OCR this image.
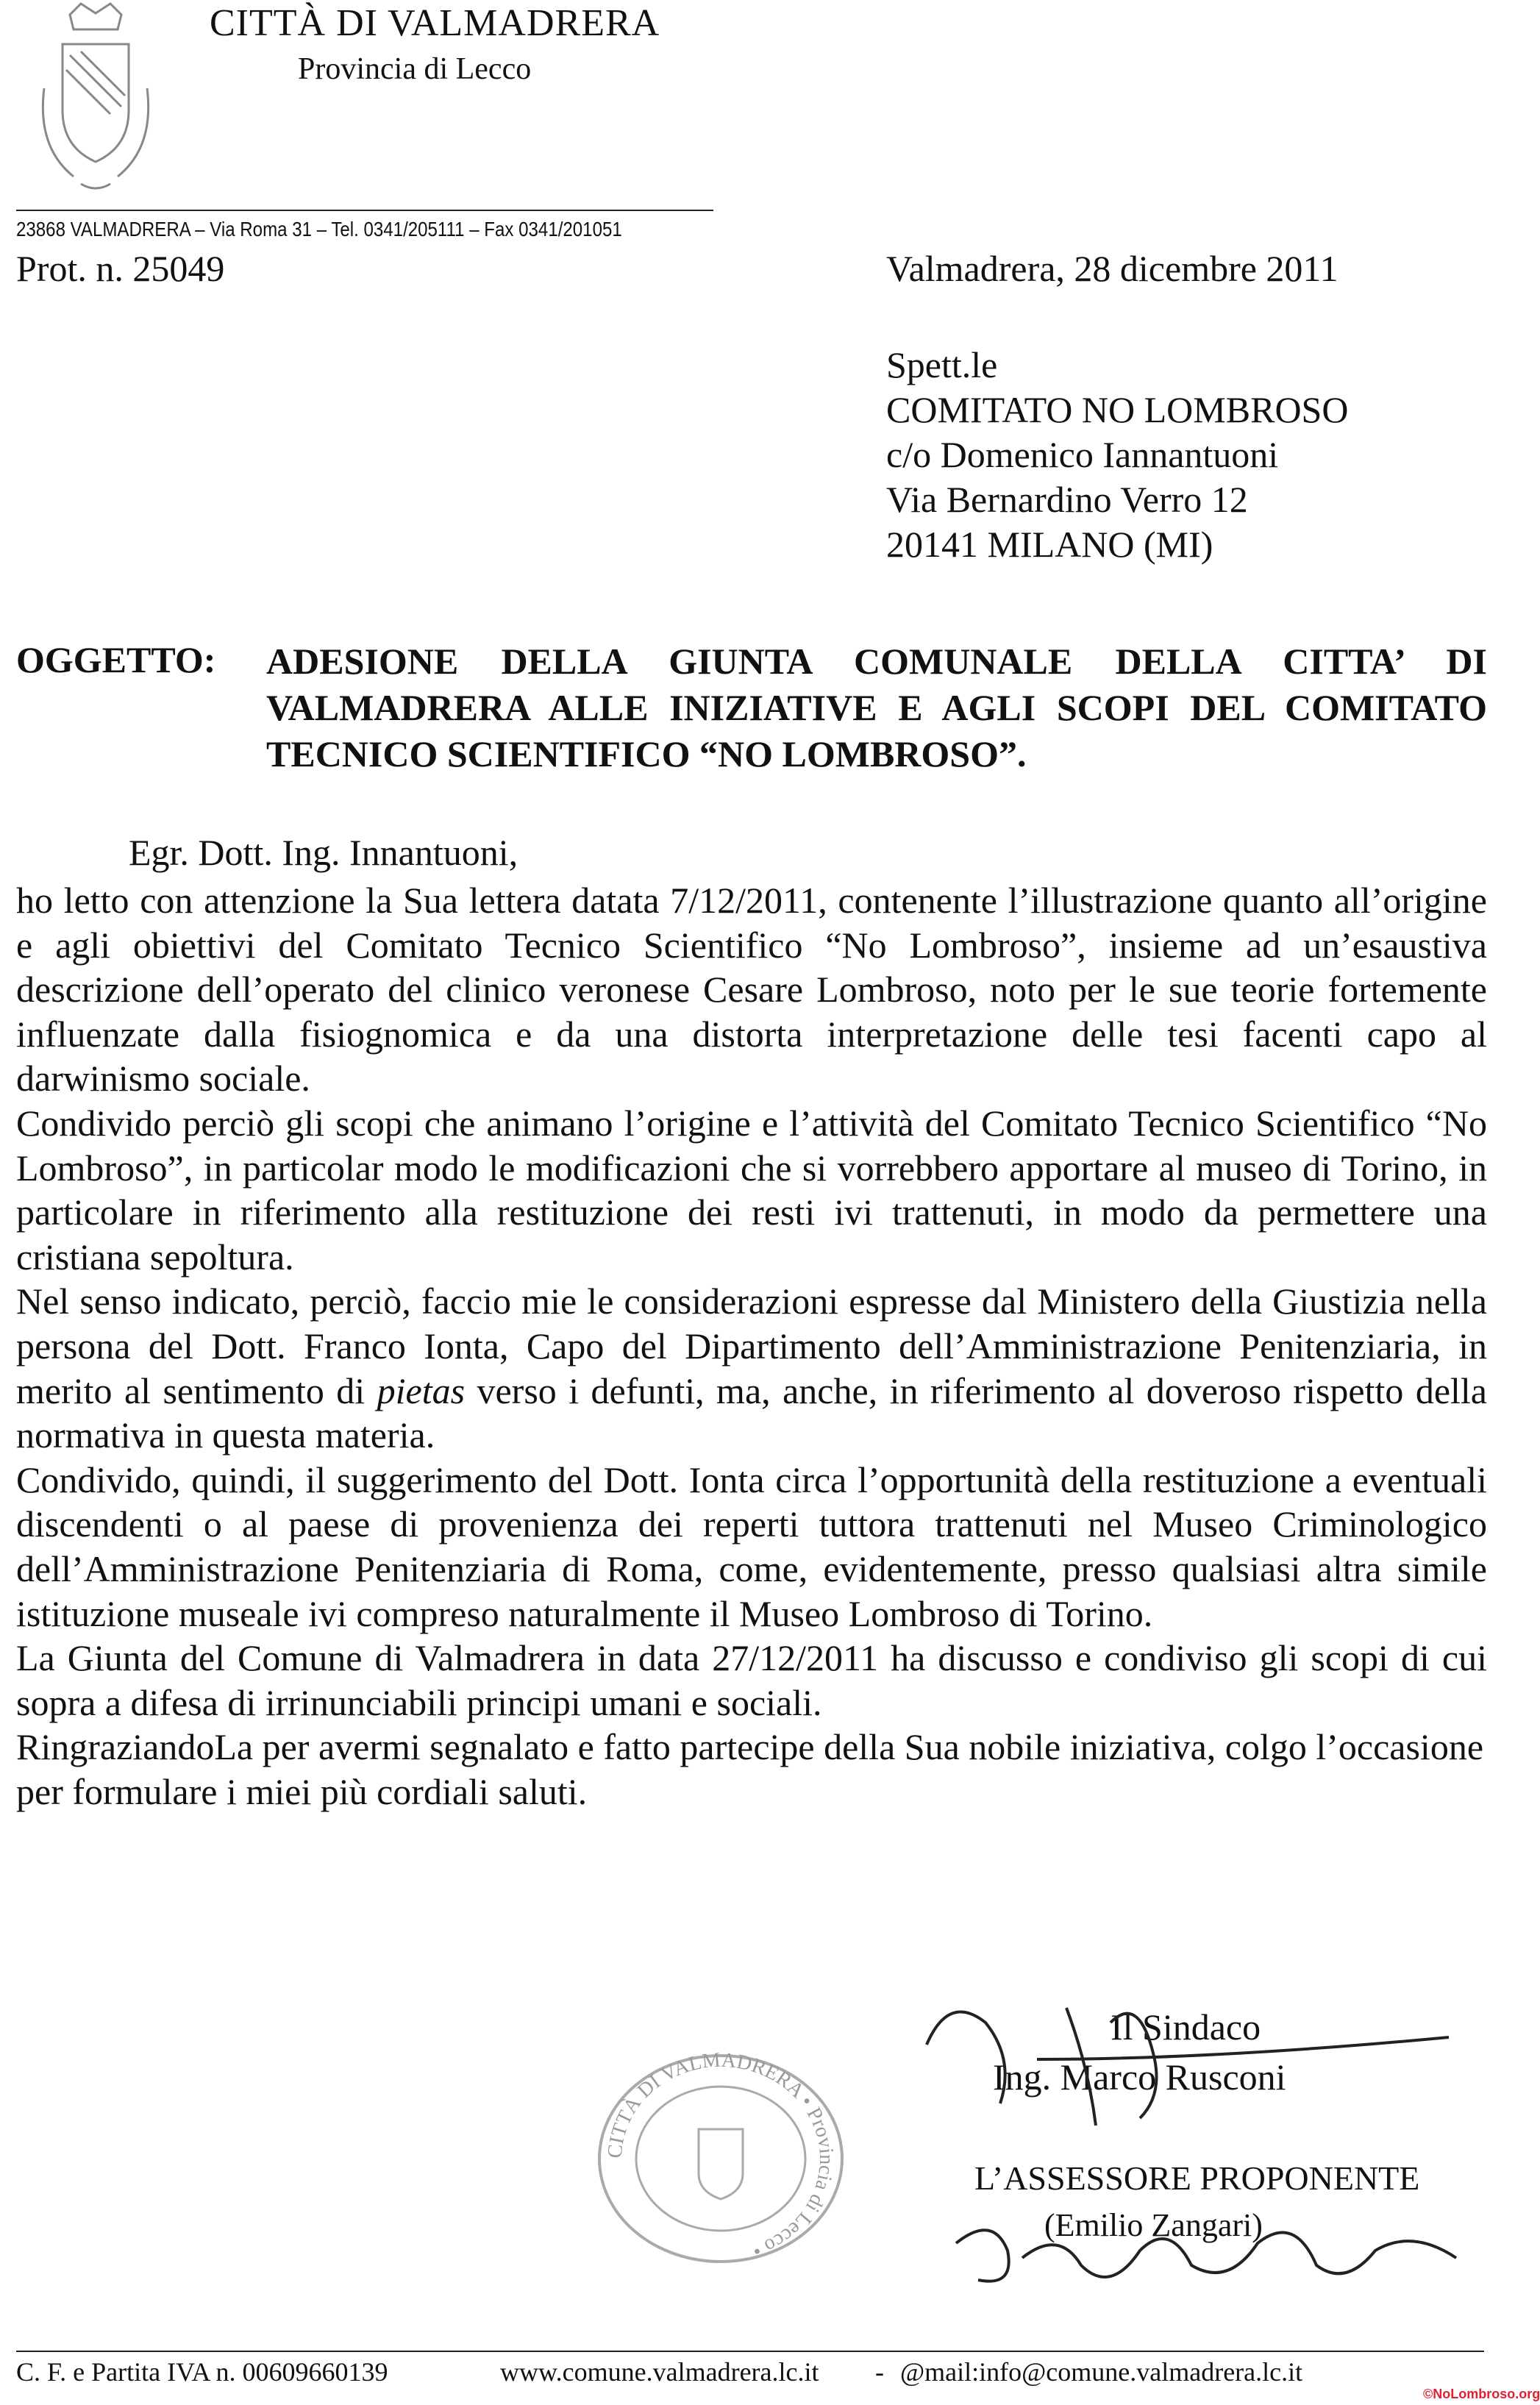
CITTÀ DI VALMADRERA
Provincia di Lecco
23868 VALMADRERA – Via Roma 31 – Tel. 0341/205111 – Fax 0341/201051
Prot. n. 25049	Valmadrera, 28 dicembre 2011
Spett.le
COMITATO NO LOMBROSO
c/o Domenico Iannantuoni
Via Bernardino Verro 12
20141 MILANO (MI)
OGGETTO: ADESIONE DELLA GIUNTA COMUNALE DELLA CITTA’ DI VALMADRERA ALLE INIZIATIVE E AGLI SCOPI DEL COMITATO TECNICO SCIENTIFICO “NO LOMBROSO”.
Egr. Dott. Ing. Innantuoni,

ho letto con attenzione la Sua lettera datata 7/12/2011, contenente l’illustrazione quanto all’origine e agli obiettivi del Comitato Tecnico Scientifico “No Lombroso”, insieme ad un’esaustiva descrizione dell’operato del clinico veronese Cesare Lombroso, noto per le sue teorie fortemente influenzate dalla fisiognomica e da una distorta interpretazione delle tesi facenti capo al darwinismo sociale.

Condivido perciò gli scopi che animano l’origine e l’attività del Comitato Tecnico Scientifico “No Lombroso”, in particolar modo le modificazioni che si vorrebbero apportare al museo di Torino, in particolare in riferimento alla restituzione dei resti ivi trattenuti, in modo da permettere una cristiana sepoltura.

Nel senso indicato, perciò, faccio mie le considerazioni espresse dal Ministero della Giustizia nella persona del Dott. Franco Ionta, Capo del Dipartimento dell’Amministrazione Penitenziaria, in merito al sentimento di pietas verso i defunti, ma, anche, in riferimento al doveroso rispetto della normativa in questa materia.

Condivido, quindi, il suggerimento del Dott. Ionta circa l’opportunità della restituzione a eventuali discendenti o al paese di provenienza dei reperti tuttora trattenuti nel Museo Criminologico dell’Amministrazione Penitenziaria di Roma, come, evidentemente, presso qualsiasi altra simile istituzione museale ivi compreso naturalmente il Museo Lombroso di Torino.

La Giunta del Comune di Valmadrera in data 27/12/2011 ha discusso e condiviso gli scopi di cui sopra a difesa di irrinunciabili principi umani e sociali.

RingraziandoLa per avermi segnalato e fatto partecipe della Sua nobile iniziativa, colgo l’occasione per formulare i miei più cordiali saluti.

CITTÀ DI VALMADRERA • Provincia di Lecco •
Il Sindaco
Ing. Marco Rusconi
L’ASSESSORE PROPONENTE
(Emilio Zangari)
C. F. e Partita IVA n. 00609660139	www.comune.valmadrera.lc.it - @mail:info@comune.valmadrera.lc.it
©NoLombroso.org
